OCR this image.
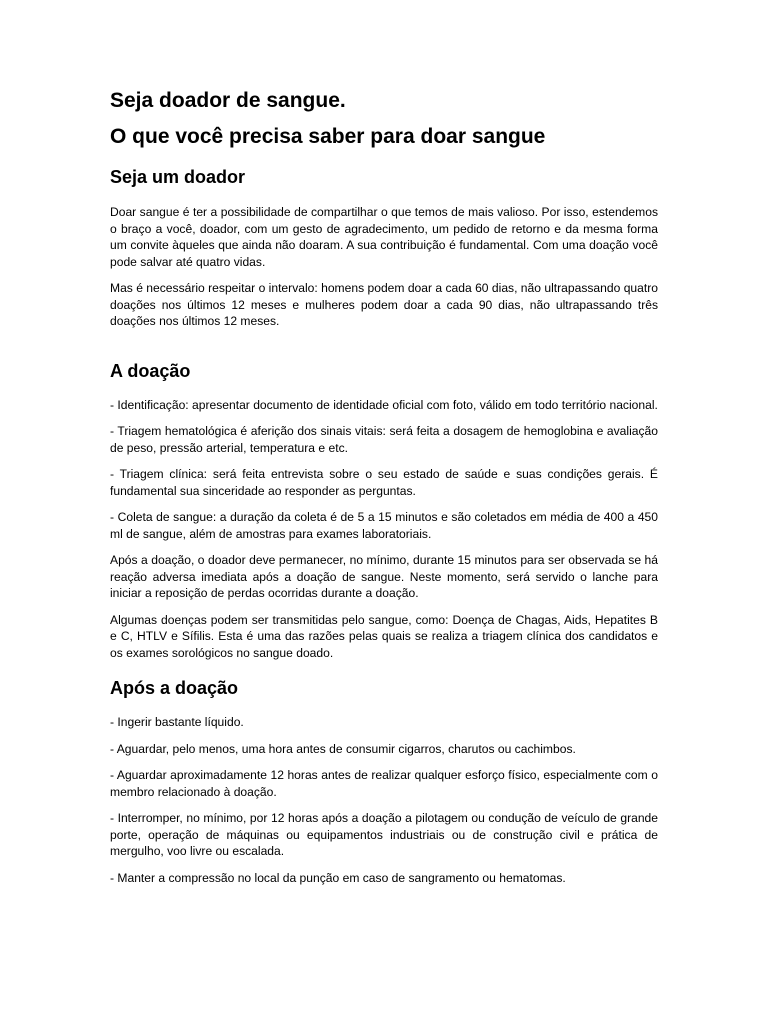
Seja doador de sangue.
O que você precisa saber para doar sangue
Seja um doador

Doar sangue é ter a possibilidade de compartilhar o que temos de mais valioso. Por isso, estendemos o braço a você, doador, com um gesto de agradecimento, um pedido de retorno e da mesma forma um convite àqueles que ainda não doaram. A sua contribuição é fundamental. Com uma doação você pode salvar até quatro vidas.

Mas é necessário respeitar o intervalo: homens podem doar a cada 60 dias, não ultrapassando quatro doações nos últimos 12 meses e mulheres podem doar a cada 90 dias, não ultrapassando três doações nos últimos 12 meses.

A doação

- Identificação: apresentar documento de identidade oficial com foto, válido em todo território nacional.

- Triagem hematológica é aferição dos sinais vitais: será feita a dosagem de hemoglobina e avaliação de peso, pressão arterial, temperatura e etc.

- Triagem clínica: será feita entrevista sobre o seu estado de saúde e suas condições gerais. É fundamental sua sinceridade ao responder as perguntas.

- Coleta de sangue: a duração da coleta é de 5 a 15 minutos e são coletados em média de 400 a 450 ml de sangue, além de amostras para exames laboratoriais.

Após a doação, o doador deve permanecer, no mínimo, durante 15 minutos para ser observada se há reação adversa imediata após a doação de sangue. Neste momento, será servido o lanche para iniciar a reposição de perdas ocorridas durante a doação.

Algumas doenças podem ser transmitidas pelo sangue, como: Doença de Chagas, Aids, Hepatites B e C, HTLV e Sífilis. Esta é uma das razões pelas quais se realiza a triagem clínica dos candidatos e os exames sorológicos no sangue doado.

Após a doação

- Ingerir bastante líquido.

- Aguardar, pelo menos, uma hora antes de consumir cigarros, charutos ou cachimbos.

- Aguardar aproximadamente 12 horas antes de realizar qualquer esforço físico, especialmente com o membro relacionado à doação.

- Interromper, no mínimo, por 12 horas após a doação a pilotagem ou condução de veículo de grande porte, operação de máquinas ou equipamentos industriais ou de construção civil e prática de mergulho, voo livre ou escalada.

- Manter a compressão no local da punção em caso de sangramento ou hematomas.
